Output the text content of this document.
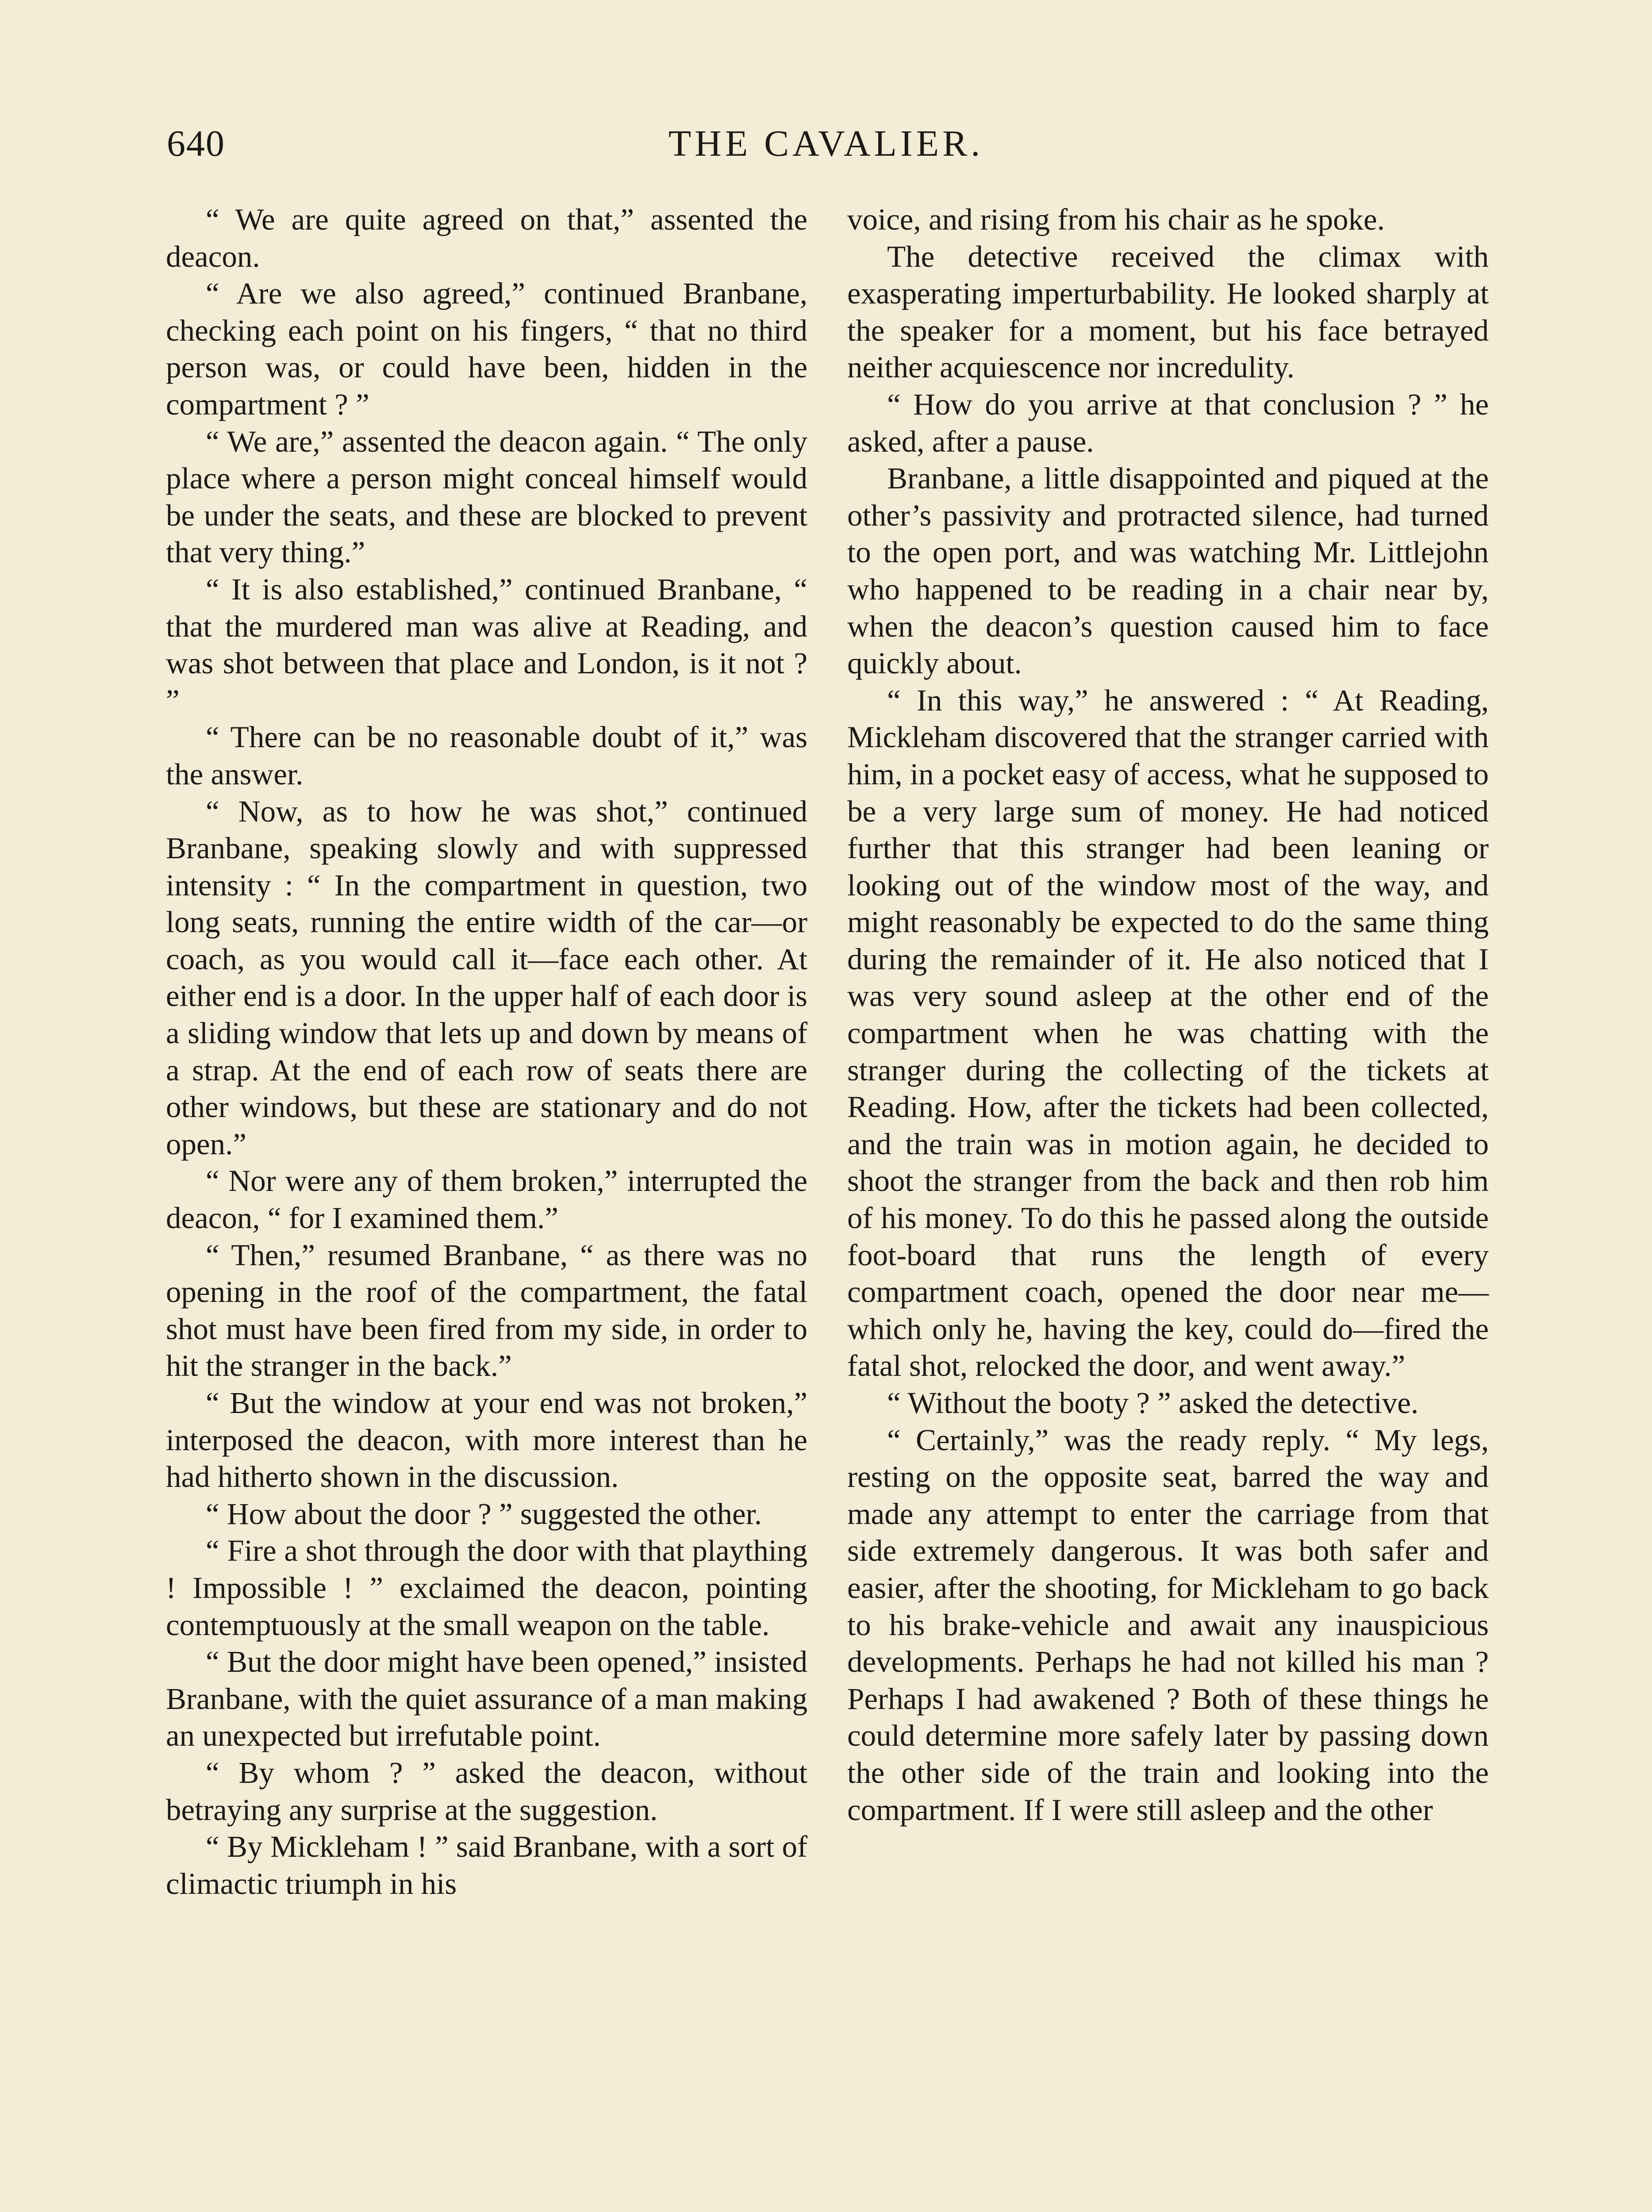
640	THE CAVALIER.

“ We are quite agreed on that,” assented the deacon.

“ Are we also agreed,” continued Branbane, checking each point on his fingers, “ that no third person was, or could have been, hidden in the compartment ? ”

“ We are,” assented the deacon again. “ The only place where a person might conceal himself would be under the seats, and these are blocked to prevent that very thing.”

“ It is also established,” continued Branbane, “ that the murdered man was alive at Reading, and was shot between that place and London, is it not ? ”

“ There can be no reasonable doubt of it,” was the answer.

“ Now, as to how he was shot,” continued Branbane, speaking slowly and with suppressed intensity : “ In the compartment in question, two long seats, running the entire width of the car—or coach, as you would call it—face each other. At either end is a door. In the upper half of each door is a sliding window that lets up and down by means of a strap. At the end of each row of seats there are other windows, but these are stationary and do not open.”

“ Nor were any of them broken,” interrupted the deacon, “ for I examined them.”

“ Then,” resumed Branbane, “ as there was no opening in the roof of the compartment, the fatal shot must have been fired from my side, in order to hit the stranger in the back.”

“ But the window at your end was not broken,” interposed the deacon, with more interest than he had hitherto shown in the discussion.

“ How about the door ? ” suggested the other.

“ Fire a shot through the door with that plaything ! Impossible ! ” exclaimed the deacon, pointing contemptuously at the small weapon on the table.

“ But the door might have been opened,” insisted Branbane, with the quiet assurance of a man making an unexpected but irrefutable point.

“ By whom ? ” asked the deacon, without betraying any surprise at the suggestion.

“ By Mickleham ! ” said Branbane, with a sort of climactic triumph in his

voice, and rising from his chair as he spoke.

The detective received the climax with exasperating imperturbability. He looked sharply at the speaker for a moment, but his face betrayed neither acquiescence nor incredulity.

“ How do you arrive at that conclusion ? ” he asked, after a pause.

Branbane, a little disappointed and piqued at the other’s passivity and protracted silence, had turned to the open port, and was watching Mr. Littlejohn who happened to be reading in a chair near by, when the deacon’s question caused him to face quickly about.

“ In this way,” he answered : “ At Reading, Mickleham discovered that the stranger carried with him, in a pocket easy of access, what he supposed to be a very large sum of money. He had noticed further that this stranger had been leaning or looking out of the window most of the way, and might reasonably be expected to do the same thing during the remainder of it. He also noticed that I was very sound asleep at the other end of the compartment when he was chatting with the stranger during the collecting of the tickets at Reading. How, after the tickets had been collected, and the train was in motion again, he decided to shoot the stranger from the back and then rob him of his money. To do this he passed along the outside foot-board that runs the length of every compartment coach, opened the door near me—which only he, having the key, could do—fired the fatal shot, relocked the door, and went away.”

“ Without the booty ? ” asked the detective.

“ Certainly,” was the ready reply. “ My legs, resting on the opposite seat, barred the way and made any attempt to enter the carriage from that side extremely dangerous. It was both safer and easier, after the shooting, for Mickleham to go back to his brake-vehicle and await any inauspicious developments. Perhaps he had not killed his man ? Perhaps I had awakened ? Both of these things he could determine more safely later by passing down the other side of the train and looking into the compartment. If I were still asleep and the other
